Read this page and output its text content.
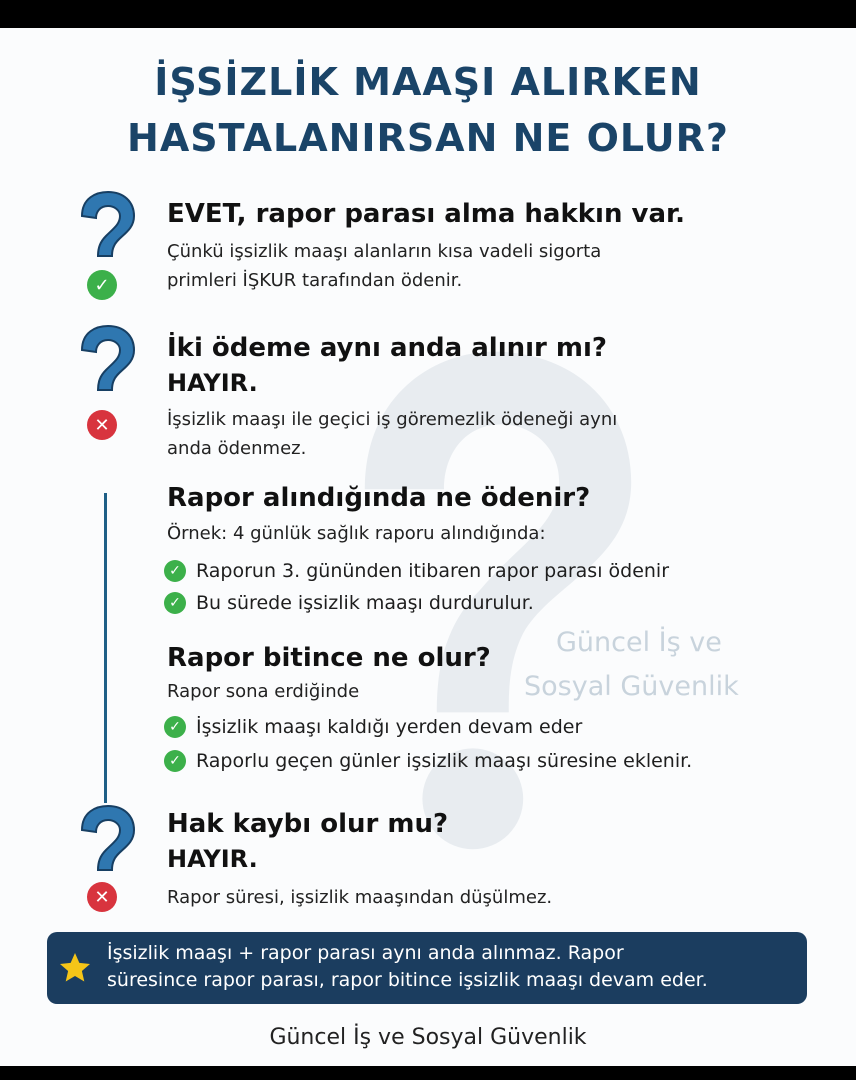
İŞSİZLİK MAAŞI ALIRKEN
HASTALANIRSAN NE OLUR?
✓
EVET, rapor parası alma hakkın var.
Çünkü işsizlik maaşı alanların kısa vadeli sigorta
primleri İŞKUR tarafından ödenir.
✕
İki ödeme aynı anda alınır mı?
HAYIR.
İşsizlik maaşı ile geçici iş göremezlik ödeneği aynı
anda ödenmez.
Rapor alındığında ne ödenir?
Örnek: 4 günlük sağlık raporu alındığında:
✓ Raporun 3. gününden itibaren rapor parası ödenir
✓ Bu sürede işsizlik maaşı durdurulur.
Güncel İş ve
Sosyal Güvenlik
Rapor bitince ne olur?
Rapor sona erdiğinde
✓ İşsizlik maaşı kaldığı yerden devam eder
✓ Raporlu geçen günler işsizlik maaşı süresine eklenir.
✕
Hak kaybı olur mu?
HAYIR.
Rapor süresi, işsizlik maaşından düşülmez.
İşsizlik maaşı + rapor parası aynı anda alınmaz. Rapor
süresince rapor parası, rapor bitince işsizlik maaşı devam eder.
Güncel İş ve Sosyal Güvenlik
